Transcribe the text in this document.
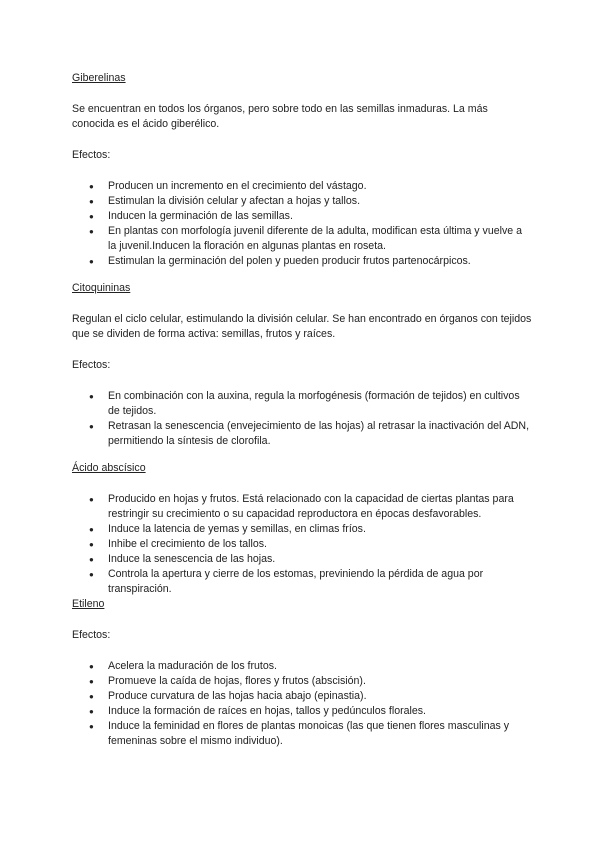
Giberelinas

Se encuentran en todos los órganos, pero sobre todo en las semillas inmaduras. La más conocida es el ácido giberélico.

Efectos:

● Producen un incremento en el crecimiento del vástago.
● Estimulan la división celular y afectan a hojas y tallos.
● Inducen la germinación de las semillas.
● En plantas con morfología juvenil diferente de la adulta, modifican esta última y vuelve a la juvenil.Inducen la floración en algunas plantas en roseta.
● Estimulan la germinación del polen y pueden producir frutos partenocárpicos.
Citoquininas

Regulan el ciclo celular, estimulando la división celular. Se han encontrado en órganos con tejidos que se dividen de forma activa: semillas, frutos y raíces.

Efectos:

● En combinación con la auxina, regula la morfogénesis (formación de tejidos) en cultivos de tejidos.
● Retrasan la senescencia (envejecimiento de las hojas) al retrasar la inactivación del ADN, permitiendo la síntesis de clorofila.
Ácido abscísico
● Producido en hojas y frutos. Está relacionado con la capacidad de ciertas plantas para restringir su crecimiento o su capacidad reproductora en épocas desfavorables.
● Induce la latencia de yemas y semillas, en climas fríos.
● Inhibe el crecimiento de los tallos.
● Induce la senescencia de las hojas.
● Controla la apertura y cierre de los estomas, previniendo la pérdida de agua por transpiración.
Etileno

Efectos:

● Acelera la maduración de los frutos.
● Promueve la caída de hojas, flores y frutos (abscisión).
● Produce curvatura de las hojas hacia abajo (epinastia).
● Induce la formación de raíces en hojas, tallos y pedúnculos florales.
● Induce la feminidad en flores de plantas monoicas (las que tienen flores masculinas y femeninas sobre el mismo individuo).
